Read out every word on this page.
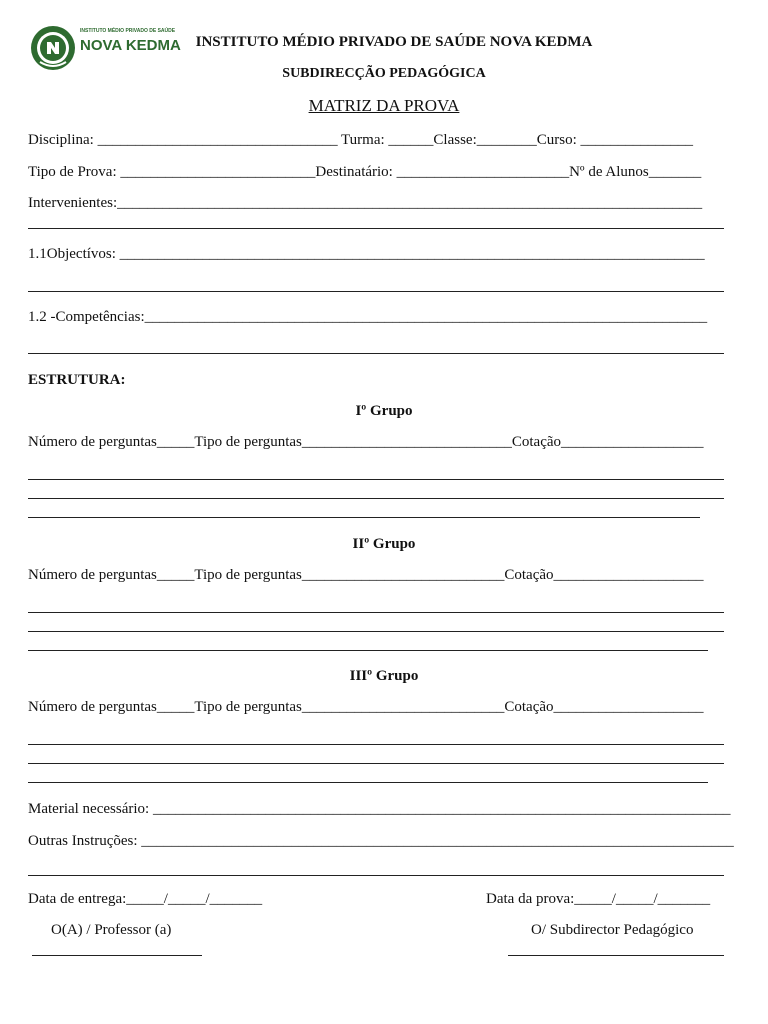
INSTITUTO MÉDIO PRIVADO DE SAÚDE
NOVA KEDMA INSTITUTO MÉDIO PRIVADO DE SAÚDE NOVA KEDMA
SUBDIRECÇÃO PEDAGÓGICA
MATRIZ DA PROVA
Disciplina: ________________________________ Turma: ______Classe:________Curso: _______________
Tipo de Prova: __________________________Destinatário: _______________________Nº de Alunos_______
Intervenientes:______________________________________________________________________________
1.1Objectívos: ______________________________________________________________________________
1.2 -Competências:___________________________________________________________________________
ESTRUTURA:
Iº Grupo
Número de perguntas_____Tipo de perguntas____________________________Cotação___________________
IIº Grupo
Número de perguntas_____Tipo de perguntas___________________________Cotação____________________
IIIº Grupo
Número de perguntas_____Tipo de perguntas___________________________Cotação____________________
Material necessário: _____________________________________________________________________________
Outras Instruções: _______________________________________________________________________________
Data de entrega:_____/_____/_______	Data da prova:_____/_____/_______
O(A) / Professor (a)	O/ Subdirector Pedagógico
